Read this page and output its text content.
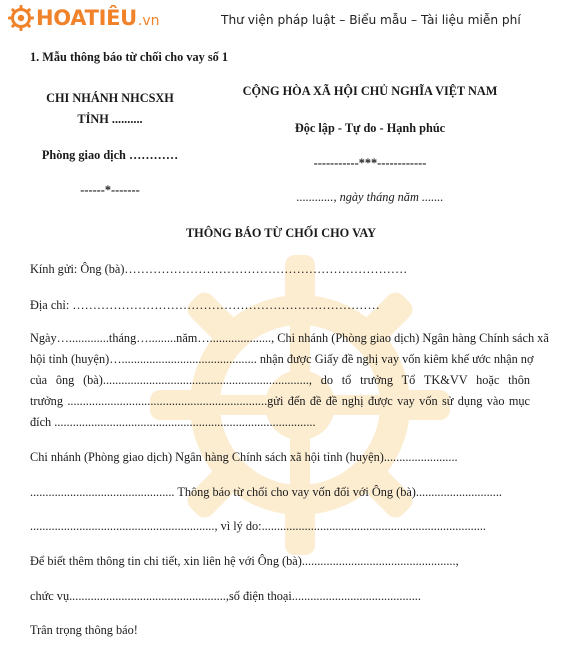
HOATIÊU .vn	Thư viện pháp luật – Biểu mẫu – Tài liệu miễn phí
1. Mẫu thông báo từ chối cho vay số 1
CHI NHÁNH NHCSXH
TỈNH ..........
Phòng giao dịch …………
------*-------
CỘNG HÒA XÃ HỘI CHỦ NGHĨA VIỆT NAM
Độc lập - Tự do - Hạnh phúc
-----------***------------
............, ngày tháng năm .......
THÔNG BÁO TỪ CHỐI CHO VAY
Kính gửi: Ông (bà)……………………………………………………………
Địa chỉ: …………………………………………………………………
Ngày….............tháng….........năm…...................., Chi nhánh (Phòng giao dịch) Ngân hàng Chính sách xã
hội tỉnh (huyện)…............................................ nhận được Giấy đề nghị vay vốn kiêm khế ước nhận nợ
của ông (bà)..................................................................., do tổ trưởng Tổ TK&VV hoặc thôn
trưởng .................................................................gửi đến đề đề nghị được vay vốn sử dụng vào mục
đích .....................................................................................
Chi nhánh (Phòng giao dịch) Ngân hàng Chính sách xã hội tỉnh (huyện)........................
............................................... Thông báo từ chối cho vay vốn đối với Ông (bà)............................
............................................................, vì lý do:.........................................................................
Để biết thêm thông tin chi tiết, xin liên hệ với Ông (bà)..................................................,
chức vụ...................................................,số điện thoại..........................................
Trân trọng thông báo!
